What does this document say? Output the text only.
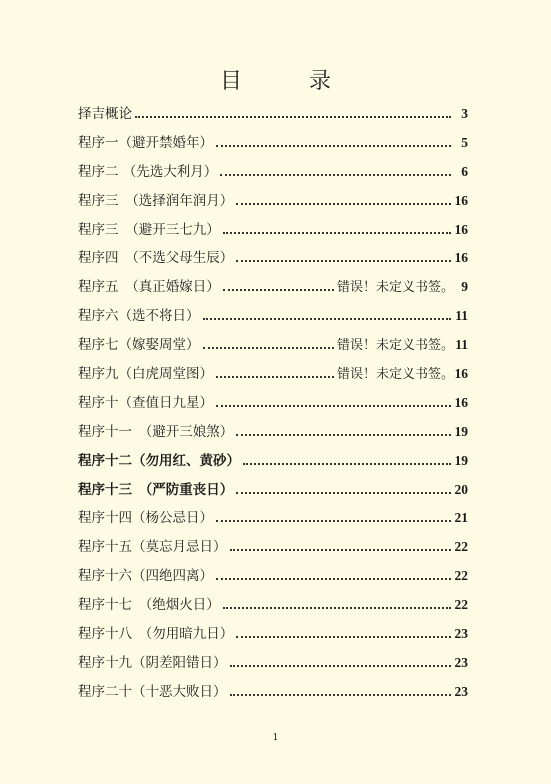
目 录
择吉概论	3
程序一（避开禁婚年）	5
程序二 （先选大利月）	6
程序三　（选择润年润月）	16
程序三　（避开三七九）	16
程序四　（不选父母生辰）	16
程序五　（真正婚嫁日）	错误！未定义书签。 9
程序六（选不将日）	11
程序七（嫁娶周堂）	错误！未定义书签。 11
程序九（白虎周堂图）	错误！未定义书签。 16
程序十（查值日九星）	16
程序十一　（避开三娘煞）	19
程序十二（勿用红、黄砂）	19
程序十三　（严防重丧日）	20
程序十四（杨公忌日）	21
程序十五（莫忘月忌日）	22
程序十六（四绝四离）	22
程序十七　（绝烟火日）	22
程序十八　（勿用暗九日）	23
程序十九（阴差阳错日）	23
程序二十（十恶大败日）	23
1
